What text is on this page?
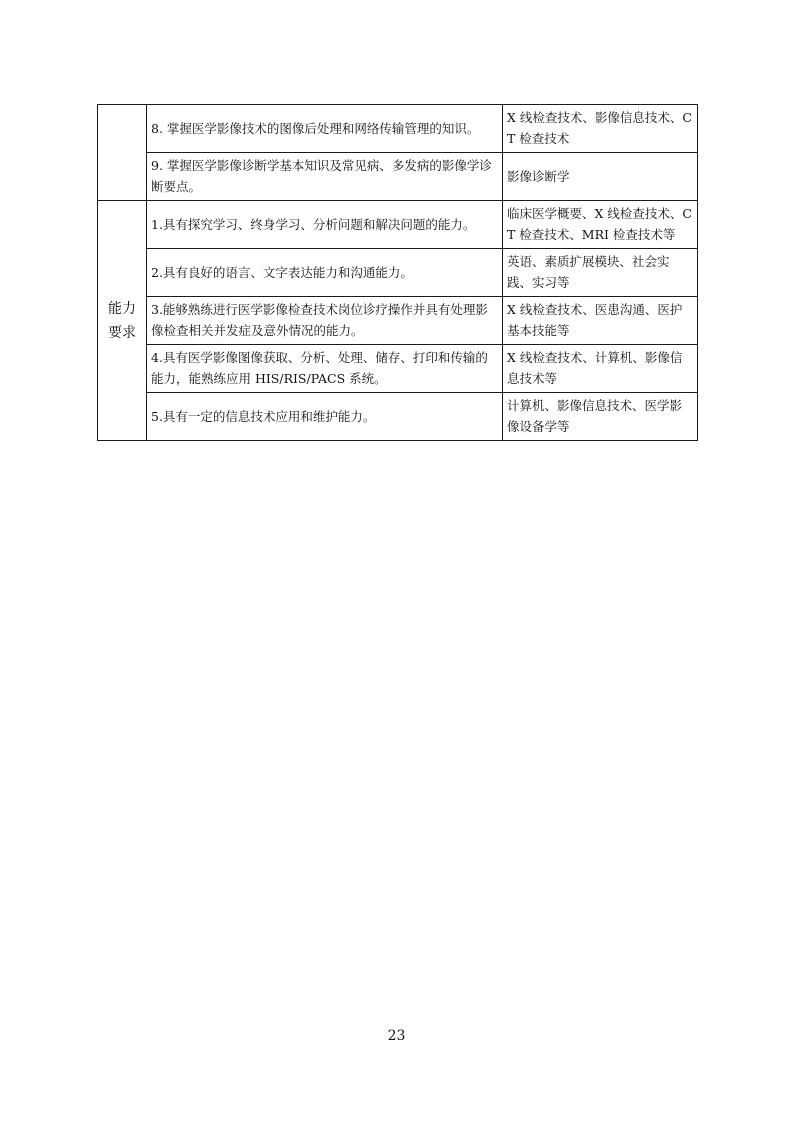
	8. 掌握医学影像技术的图像后处理和网络传输管理的知识。	X 线检查技术、影像信息技术、CT 检查技术
	9. 掌握医学影像诊断学基本知识及常见病、多发病的影像学诊断要点。	影像诊断学
能力要求	1.具有探究学习、终身学习、分析问题和解决问题的能力。	临床医学概要、X 线检查技术、CT 检查技术、MRI 检查技术等
	2.具有良好的语言、文字表达能力和沟通能力。	英语、素质扩展模块、社会实践、实习等
	3.能够熟练进行医学影像检查技术岗位诊疗操作并具有处理影像检查相关并发症及意外情况的能力。	X 线检查技术、医患沟通、医护基本技能等
	4.具有医学影像图像获取、分析、处理、储存、打印和传输的能力，能熟练应用 HIS/RIS/PACS 系统。	X 线检查技术、计算机、影像信息技术等
	5.具有一定的信息技术应用和维护能力。	计算机、影像信息技术、医学影像设备学等
23
